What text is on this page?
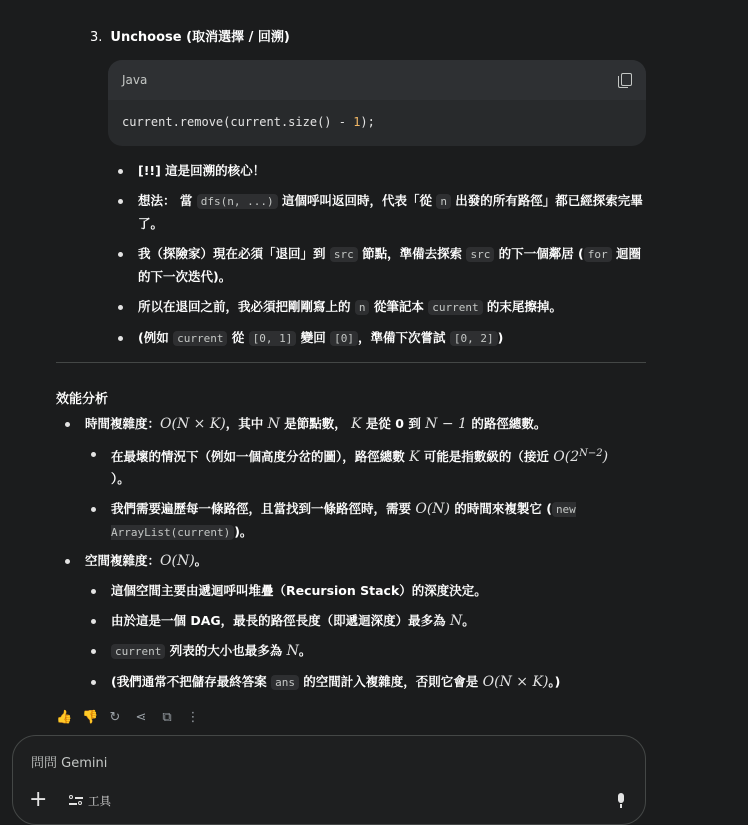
3. Unchoose (取消選擇 / 回溯)
Java
current.remove(current.size() - 1);
[!!] 這是回溯的核心！
想法： 當 dfs(n, ...) 這個呼叫返回時，代表「從 n 出發的所有路徑」都已經探索完畢了。
我（探險家）現在必須「退回」到 src 節點，準備去探索 src 的下一個鄰居 ( for 迴圈的下一次迭代)。
所以在退回之前，我必須把剛剛寫上的 n 從筆記本 current 的末尾擦掉。
(例如 current 從 [0, 1] 變回 [0] ，準備下次嘗試 [0, 2] )
效能分析
時間複雜度：O(N × K)，其中 N 是節點數， K 是從 0 到 N − 1 的路徑總數。
在最壞的情況下（例如一個高度分岔的圖），路徑總數 K 可能是指數級的（接近 $O(2^{N-2})$
）。
我們需要遍歷每一條路徑，且當找到一條路徑時，需要 O(N) 的時間來複製它 ( new ArrayList(current) )。
空間複雜度：O(N)。
這個空間主要由遞迴呼叫堆疊（Recursion Stack）的深度決定。
由於這是一個 DAG，最長的路徑長度（即遞迴深度）最多為 N。
current 列表的大小也最多為 N。
(我們通常不把儲存最終答案 ans 的空間計入複雜度，否則它會是 O(N × K)。)
👍 👎 ↻ ⋖ ⧉ ⋮
問問 Gemini
+	工具
